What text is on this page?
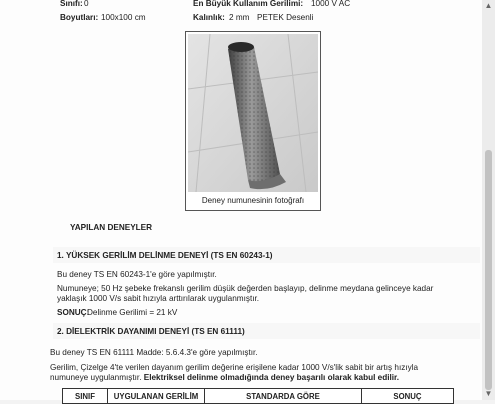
Sınıfı: 0	En Büyük Kullanım Gerilimi: 1000 V AC
Boyutları: 100x100 cm	Kalınlık: 2 mm PETEK Desenli
Deney numunesinin fotoğrafı
YAPILAN DENEYLER
1. YÜKSEK GERİLİM DELİNME DENEYİ (TS EN 60243-1)
Bu deney TS EN 60243-1'e göre yapılmıştır.
Numuneye; 50 Hz şebeke frekanslı gerilim düşük değerden başlayıp, delinme meydana gelinceye kadar
yaklaşık 1000 V/s sabit hızıyla arttırılarak uygulanmıştır.
SONUÇ:
Delinme Gerilimi = 21 kV
2. DİELEKTRİK DAYANIMI DENEYİ (TS EN 61111)
Bu deney TS EN 61111 Madde: 5.6.4.3'e göre yapılmıştır.
Gerilim, Çizelge 4'te verilen dayanım gerilim değerine erişilene kadar 1000 V/s'lik sabit bir artış hızıyla
numuneye uygulanmıştır. Elektriksel delinme olmadığında deney başarılı olarak kabul edilir.
SINIF	UYGULANAN GERİLİM	STANDARDA GÖRE	SONUÇ
▲
▼
